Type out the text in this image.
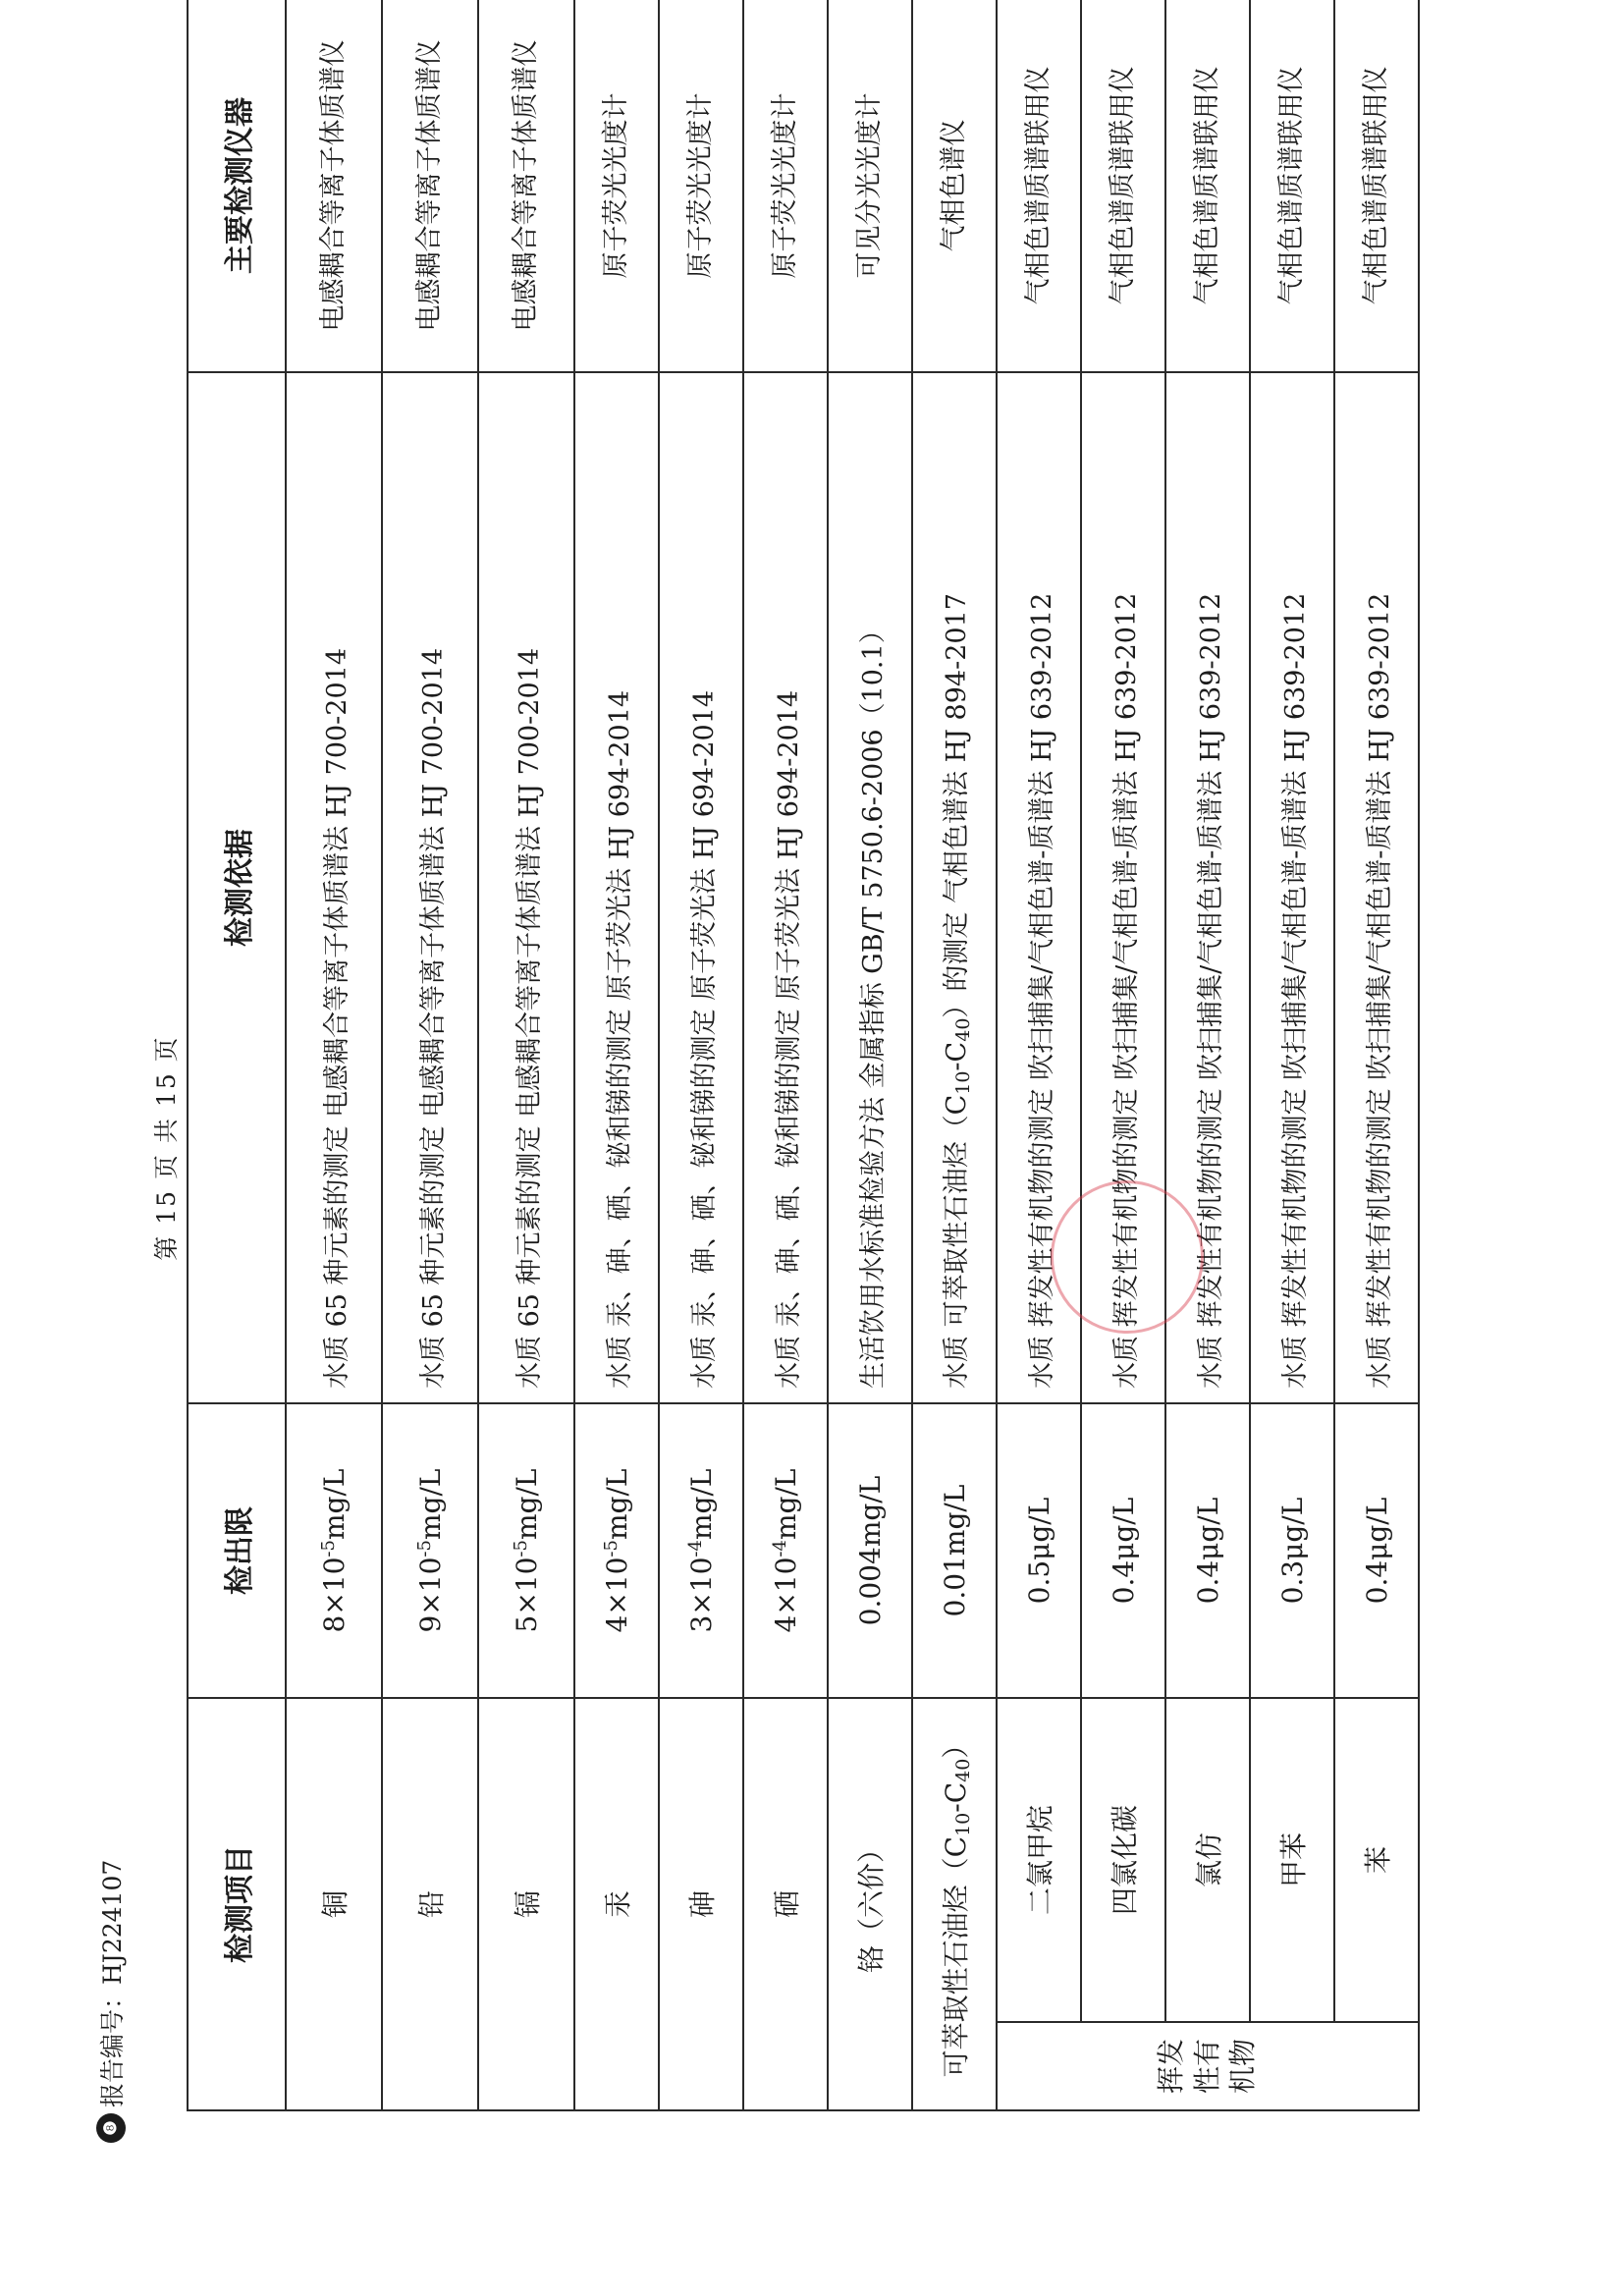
❽
报告编号：HJ224107
第 15 页 共 15 页
检测项目		检出限	检测依据	主要检测仪器
铜		$8\times 10^{-5}mg/L$	水质 65 种元素的测定 电感耦合等离子体质谱法 HJ 700-2014	电感耦合等离子体质谱仪
铅		$9\times 10^{-5}mg/L$	水质 65 种元素的测定 电感耦合等离子体质谱法 HJ 700-2014	电感耦合等离子体质谱仪
镉		$5\times 10^{-5}mg/L$	水质 65 种元素的测定 电感耦合等离子体质谱法 HJ 700-2014	电感耦合等离子体质谱仪
汞		$4\times 10^{-5}mg/L$	水质 汞、砷、硒、铋和锑的测定 原子荧光法 HJ 694-2014	原子荧光光度计
砷		$3\times 10^{-4}mg/L$	水质 汞、砷、硒、铋和锑的测定 原子荧光法 HJ 694-2014	原子荧光光度计
硒		$4\times 10^{-4}mg/L$	水质 汞、砷、硒、铋和锑的测定 原子荧光法 HJ 694-2014	原子荧光光度计
铬（六价）		0.004mg/L	生活饮用水标准检验方法 金属指标 GB/T 5750.6-2006（10.1）	可见分光光度计
可萃取性石油烃$(C_{10}-C_{40})$		0.01mg/L	水质 可萃取性石油烃$(C_{10}-C_{40})$的测定 气相色谱法 HJ 894-2017	气相色谱仪
挥发性有机物	二氯甲烷	0.5μg/L	水质 挥发性有机物的测定 吹扫捕集/气相色谱-质谱法 HJ 639-2012	气相色谱质谱联用仪
	四氯化碳	0.4μg/L	水质 挥发性有机物的测定 吹扫捕集/气相色谱-质谱法 HJ 639-2012	气相色谱质谱联用仪
	氯仿	0.4μg/L	水质 挥发性有机物的测定 吹扫捕集/气相色谱-质谱法 HJ 639-2012	气相色谱质谱联用仪
	甲苯	0.3μg/L	水质 挥发性有机物的测定 吹扫捕集/气相色谱-质谱法 HJ 639-2012	气相色谱质谱联用仪
	苯	0.4μg/L	水质 挥发性有机物的测定 吹扫捕集/气相色谱-质谱法 HJ 639-2012	气相色谱质谱联用仪
